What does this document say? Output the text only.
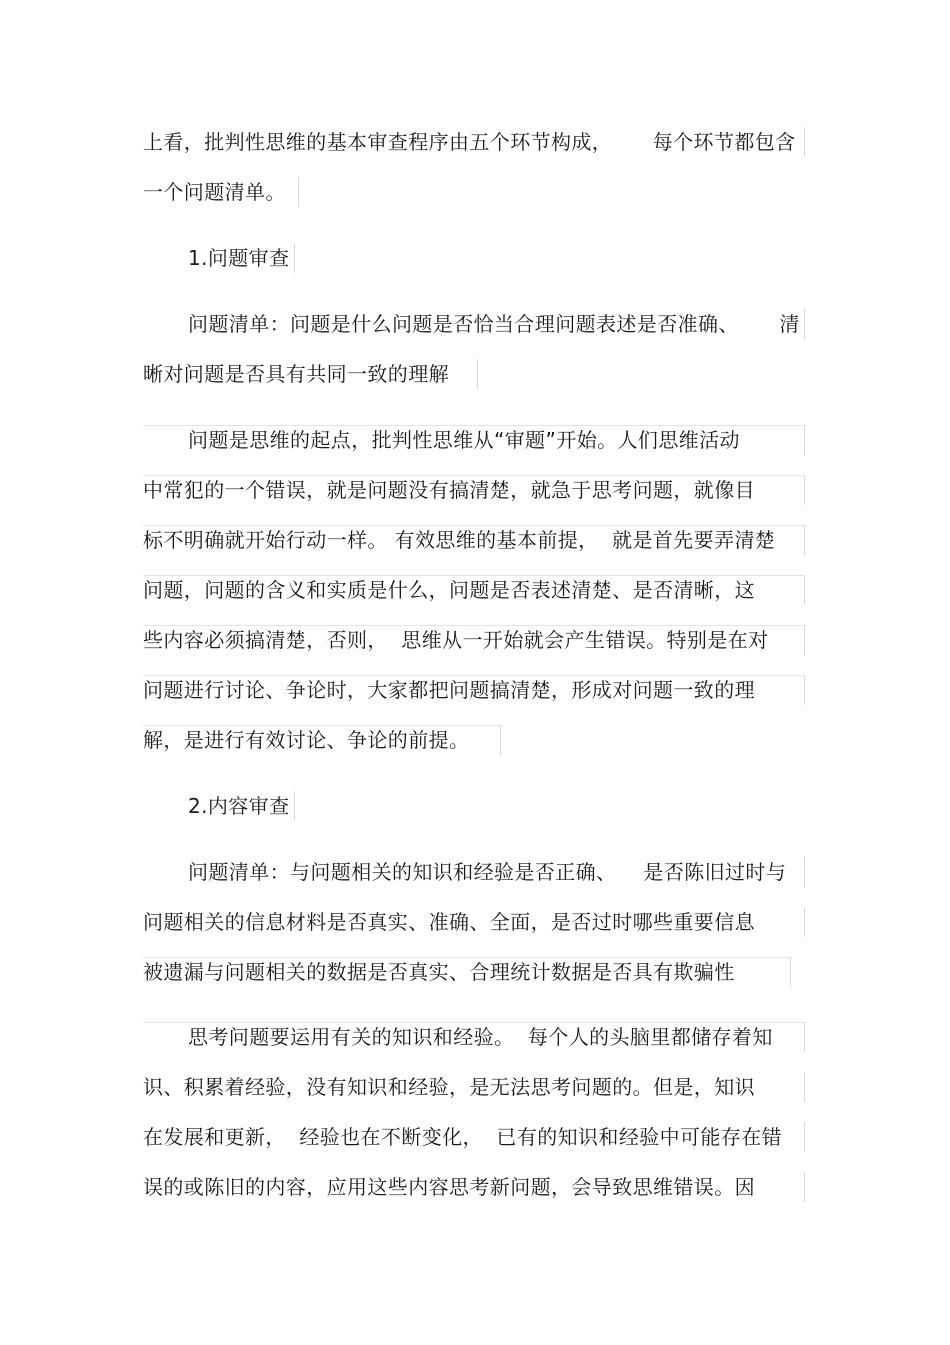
上看，批判性思维的基本审查程序由五个环节构成，      每个环节都包含
一个问题清单。
1.问题审查
问题清单：问题是什么问题是否恰当合理问题表述是否准确、      清
晰对问题是否具有共同一致的理解
问题是思维的起点，批判性思维从“审题”开始。人们思维活动
中常犯的一个错误，就是问题没有搞清楚，就急于思考问题，就像目
标不明确就开始行动一样。 有效思维的基本前提，  就是首先要弄清楚
问题，问题的含义和实质是什么，问题是否表述清楚、是否清晰，这
些内容必须搞清楚，否则，  思维从一开始就会产生错误。特别是在对
问题进行讨论、争论时，大家都把问题搞清楚，形成对问题一致的理
解，是进行有效讨论、争论的前提。
2.内容审查
问题清单：与问题相关的知识和经验是否正确、    是否陈旧过时与
问题相关的信息材料是否真实、准确、全面，是否过时哪些重要信息
被遗漏与问题相关的数据是否真实、合理统计数据是否具有欺骗性
思考问题要运用有关的知识和经验。  每个人的头脑里都储存着知
识、积累着经验，没有知识和经验，是无法思考问题的。但是，知识
在发展和更新，  经验也在不断变化，  已有的知识和经验中可能存在错
误的或陈旧的内容，应用这些内容思考新问题，会导致思维错误。因
